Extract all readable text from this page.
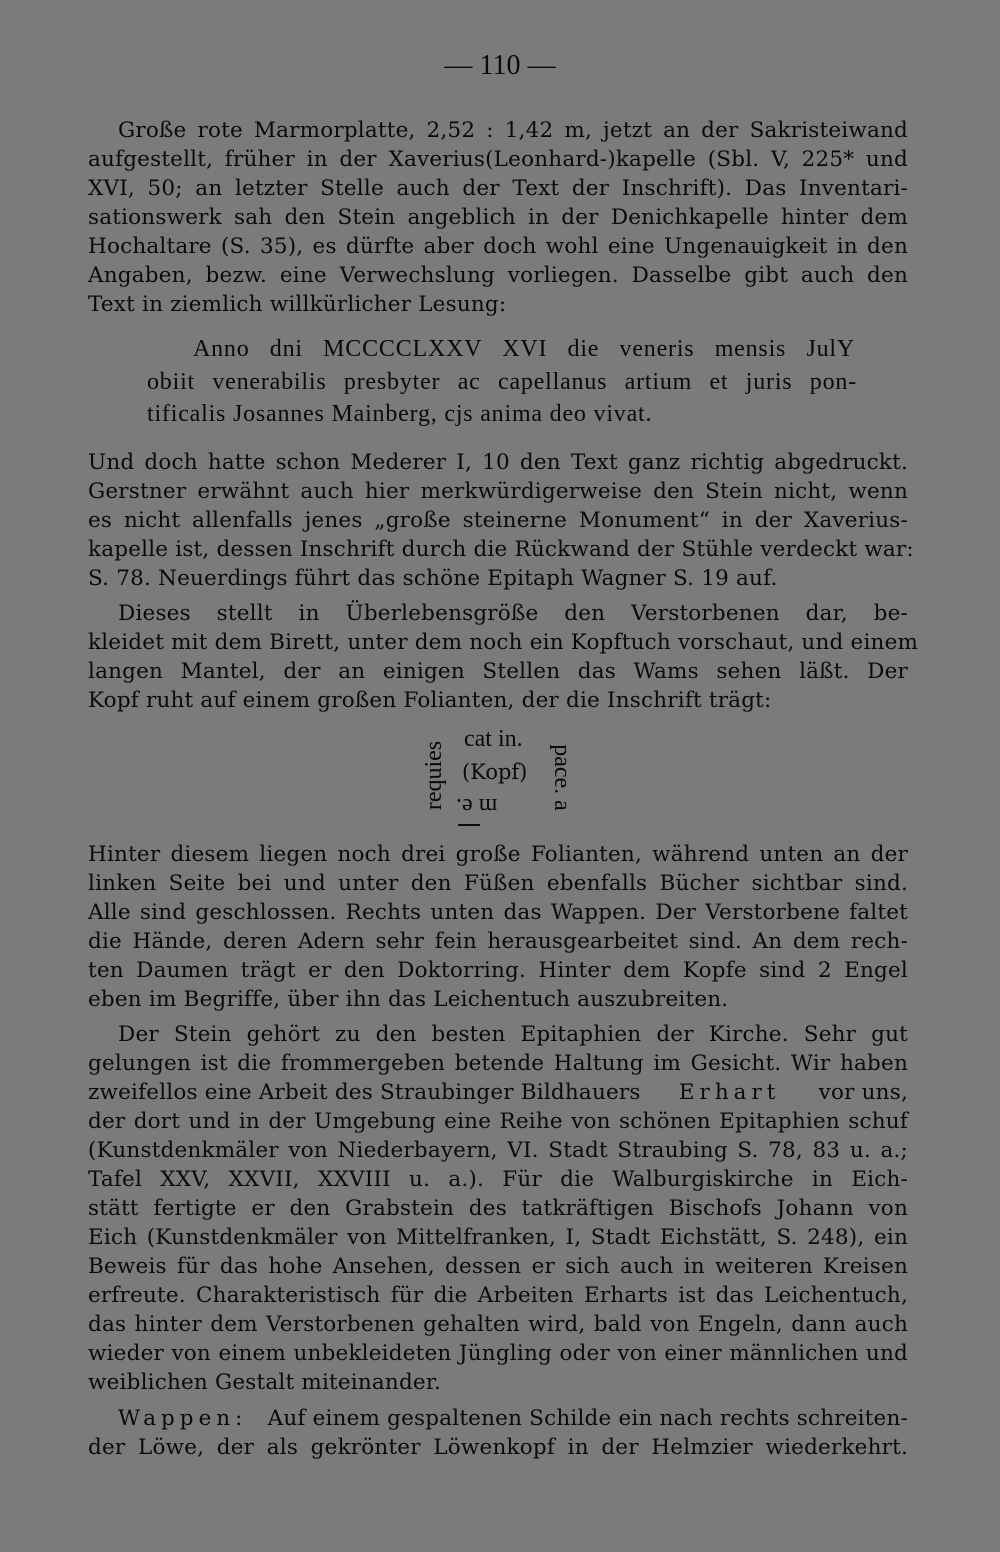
— 110 —
Große rote Marmorplatte, 2,52 : 1,42 m, jetzt an der Sakristeiwand
aufgestellt, früher in der Xaverius(Leonhard-)kapelle (Sbl. V, 225* und
XVI, 50; an letzter Stelle auch der Text der Inschrift). Das Inventari-
sationswerk sah den Stein angeblich in der Denichkapelle hinter dem
Hochaltare (S. 35), es dürfte aber doch wohl eine Ungenauigkeit in den
Angaben, bezw. eine Verwechslung vorliegen. Dasselbe gibt auch den
Text in ziemlich willkürlicher Lesung:
Anno dni MCCCCLXXV XVI die veneris mensis JulY
obiit venerabilis presbyter ac capellanus artium et juris pon-
tificalis Josannes Mainberg, cjs anima deo vivat.
Und doch hatte schon Mederer I, 10 den Text ganz richtig abgedruckt.
Gerstner erwähnt auch hier merkwürdigerweise den Stein nicht, wenn
es nicht allenfalls jenes „große steinerne Monument“ in der Xaverius-
kapelle ist, dessen Inschrift durch die Rückwand der Stühle verdeckt war:
S. 78. Neuerdings führt das schöne Epitaph Wagner S. 19 auf.
Dieses stellt in Überlebensgröße den Verstorbenen dar, be-
kleidet mit dem Birett, unter dem noch ein Kopftuch vorschaut, und einem
langen Mantel, der an einigen Stellen das Wams sehen läßt. Der
Kopf ruht auf einem großen Folianten, der die Inschrift trägt:
requies
cat in.
(Kopf)
m e. pace. a
Hinter diesem liegen noch drei große Folianten, während unten an der
linken Seite bei und unter den Füßen ebenfalls Bücher sichtbar sind.
Alle sind geschlossen. Rechts unten das Wappen. Der Verstorbene faltet
die Hände, deren Adern sehr fein herausgearbeitet sind. An dem rech-
ten Daumen trägt er den Doktorring. Hinter dem Kopfe sind 2 Engel
eben im Begriffe, über ihn das Leichentuch auszubreiten.
Der Stein gehört zu den besten Epitaphien der Kirche. Sehr gut
gelungen ist die frommergeben betende Haltung im Gesicht. Wir haben
zweifellos eine Arbeit des Straubinger Bildhauers Erhart vor uns,
der dort und in der Umgebung eine Reihe von schönen Epitaphien schuf
(Kunstdenkmäler von Niederbayern, VI. Stadt Straubing S. 78, 83 u. a.;
Tafel XXV, XXVII, XXVIII u. a.). Für die Walburgiskirche in Eich-
stätt fertigte er den Grabstein des tatkräftigen Bischofs Johann von
Eich (Kunstdenkmäler von Mittelfranken, I, Stadt Eichstätt, S. 248), ein
Beweis für das hohe Ansehen, dessen er sich auch in weiteren Kreisen
erfreute. Charakteristisch für die Arbeiten Erharts ist das Leichentuch,
das hinter dem Verstorbenen gehalten wird, bald von Engeln, dann auch
wieder von einem unbekleideten Jüngling oder von einer männlichen und
weiblichen Gestalt miteinander.
Wappen: Auf einem gespaltenen Schilde ein nach rechts schreiten-
der Löwe, der als gekrönter Löwenkopf in der Helmzier wiederkehrt.
